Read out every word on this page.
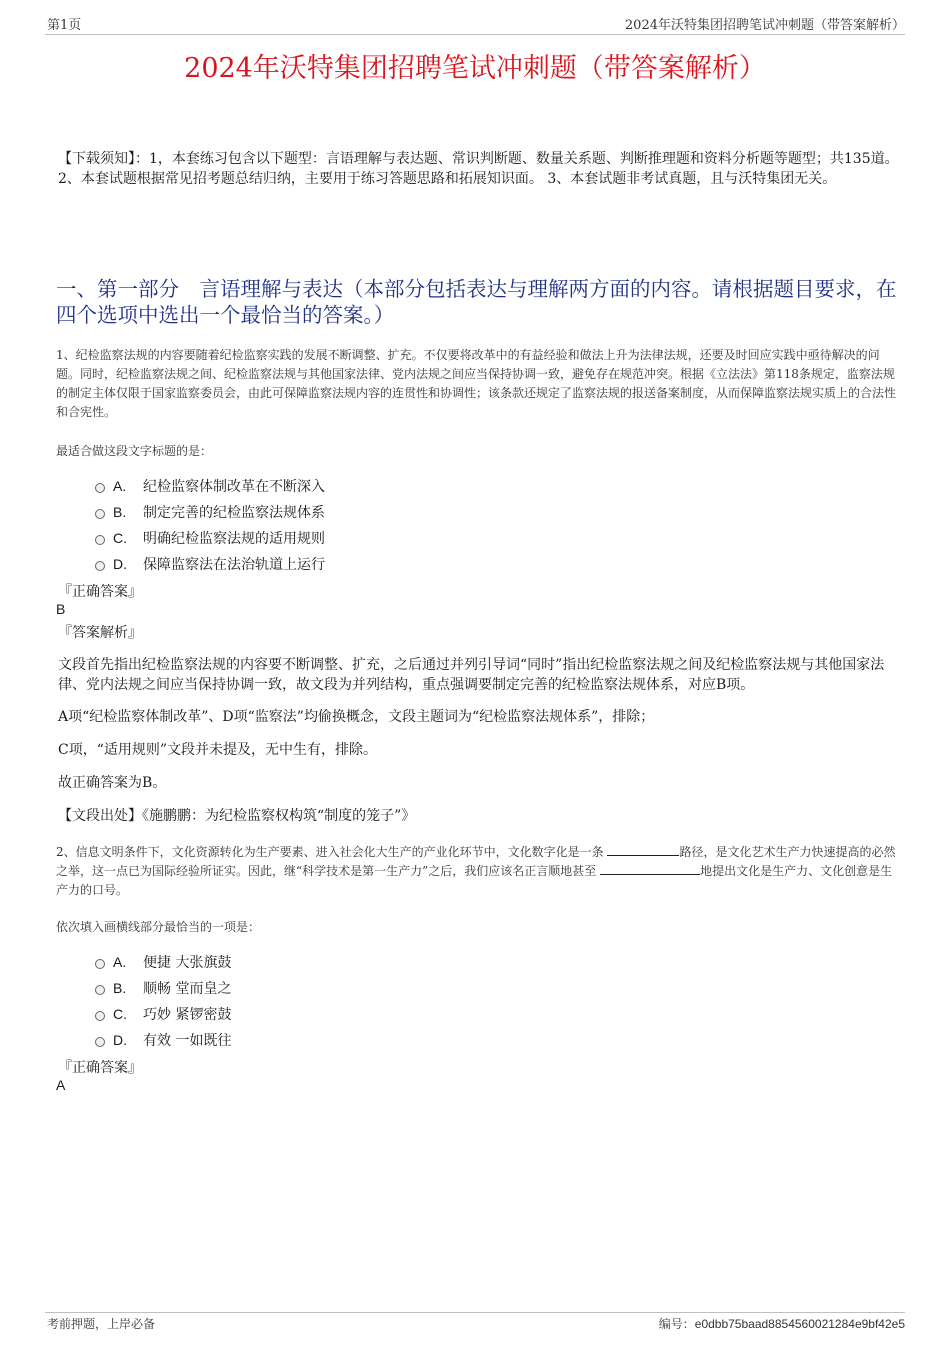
第1页	2024年沃特集团招聘笔试冲刺题（带答案解析）
2024年沃特集团招聘笔试冲刺题（带答案解析）
【下载须知】：1，本套练习包含以下题型：言语理解与表达题、常识判断题、数量关系题、判断推理题和资料分析题等题型；共135道。 2、本套试题根据常见招考题总结归纳，主要用于练习答题思路和拓展知识面。 3、本套试题非考试真题，且与沃特集团无关。
一、第一部分　言语理解与表达（本部分包括表达与理解两方面的内容。请根据题目要求，在四个选项中选出一个最恰当的答案。）
1、纪检监察法规的内容要随着纪检监察实践的发展不断调整、扩充。不仅要将改革中的有益经验和做法上升为法律法规，还要及时回应实践中亟待解决的问题。同时，纪检监察法规之间、纪检监察法规与其他国家法律、党内法规之间应当保持协调一致，避免存在规范冲突。根据《立法法》第118条规定，监察法规的制定主体仅限于国家监察委员会，由此可保障监察法规内容的连贯性和协调性；该条款还规定了监察法规的报送备案制度，从而保障监察法规实质上的合法性和合宪性。
最适合做这段文字标题的是：
A. 纪检监察体制改革在不断深入
B. 制定完善的纪检监察法规体系
C. 明确纪检监察法规的适用规则
D. 保障监察法在法治轨道上运行
『正确答案』
B
『答案解析』
文段首先指出纪检监察法规的内容要不断调整、扩充，之后通过并列引导词“同时”指出纪检监察法规之间及纪检监察法规与其他国家法律、党内法规之间应当保持协调一致，故文段为并列结构，重点强调要制定完善的纪检监察法规体系，对应B项。
A项“纪检监察体制改革”、D项“监察法”均偷换概念，文段主题词为“纪检监察法规体系”，排除；
C项，“适用规则”文段并未提及，无中生有，排除。
故正确答案为B。
【文段出处】《施鹏鹏：为纪检监察权构筑“制度的笼子”》
2、信息文明条件下，文化资源转化为生产要素、进入社会化大生产的产业化环节中，文化数字化是一条	路径，是文化艺术生产力快速提高的必然之举，这一点已为国际经验所证实。因此，继“科学技术是第一生产力”之后，我们应该名正言顺地甚至	地提出文化是生产力、文化创意是生产力的口号。
依次填入画横线部分最恰当的一项是：
A. 便捷 大张旗鼓
B. 顺畅 堂而皇之
C. 巧妙 紧锣密鼓
D. 有效 一如既往
『正确答案』
A
考前押题，上岸必备	编号：e0dbb75baad8854560021284e9bf42e5
